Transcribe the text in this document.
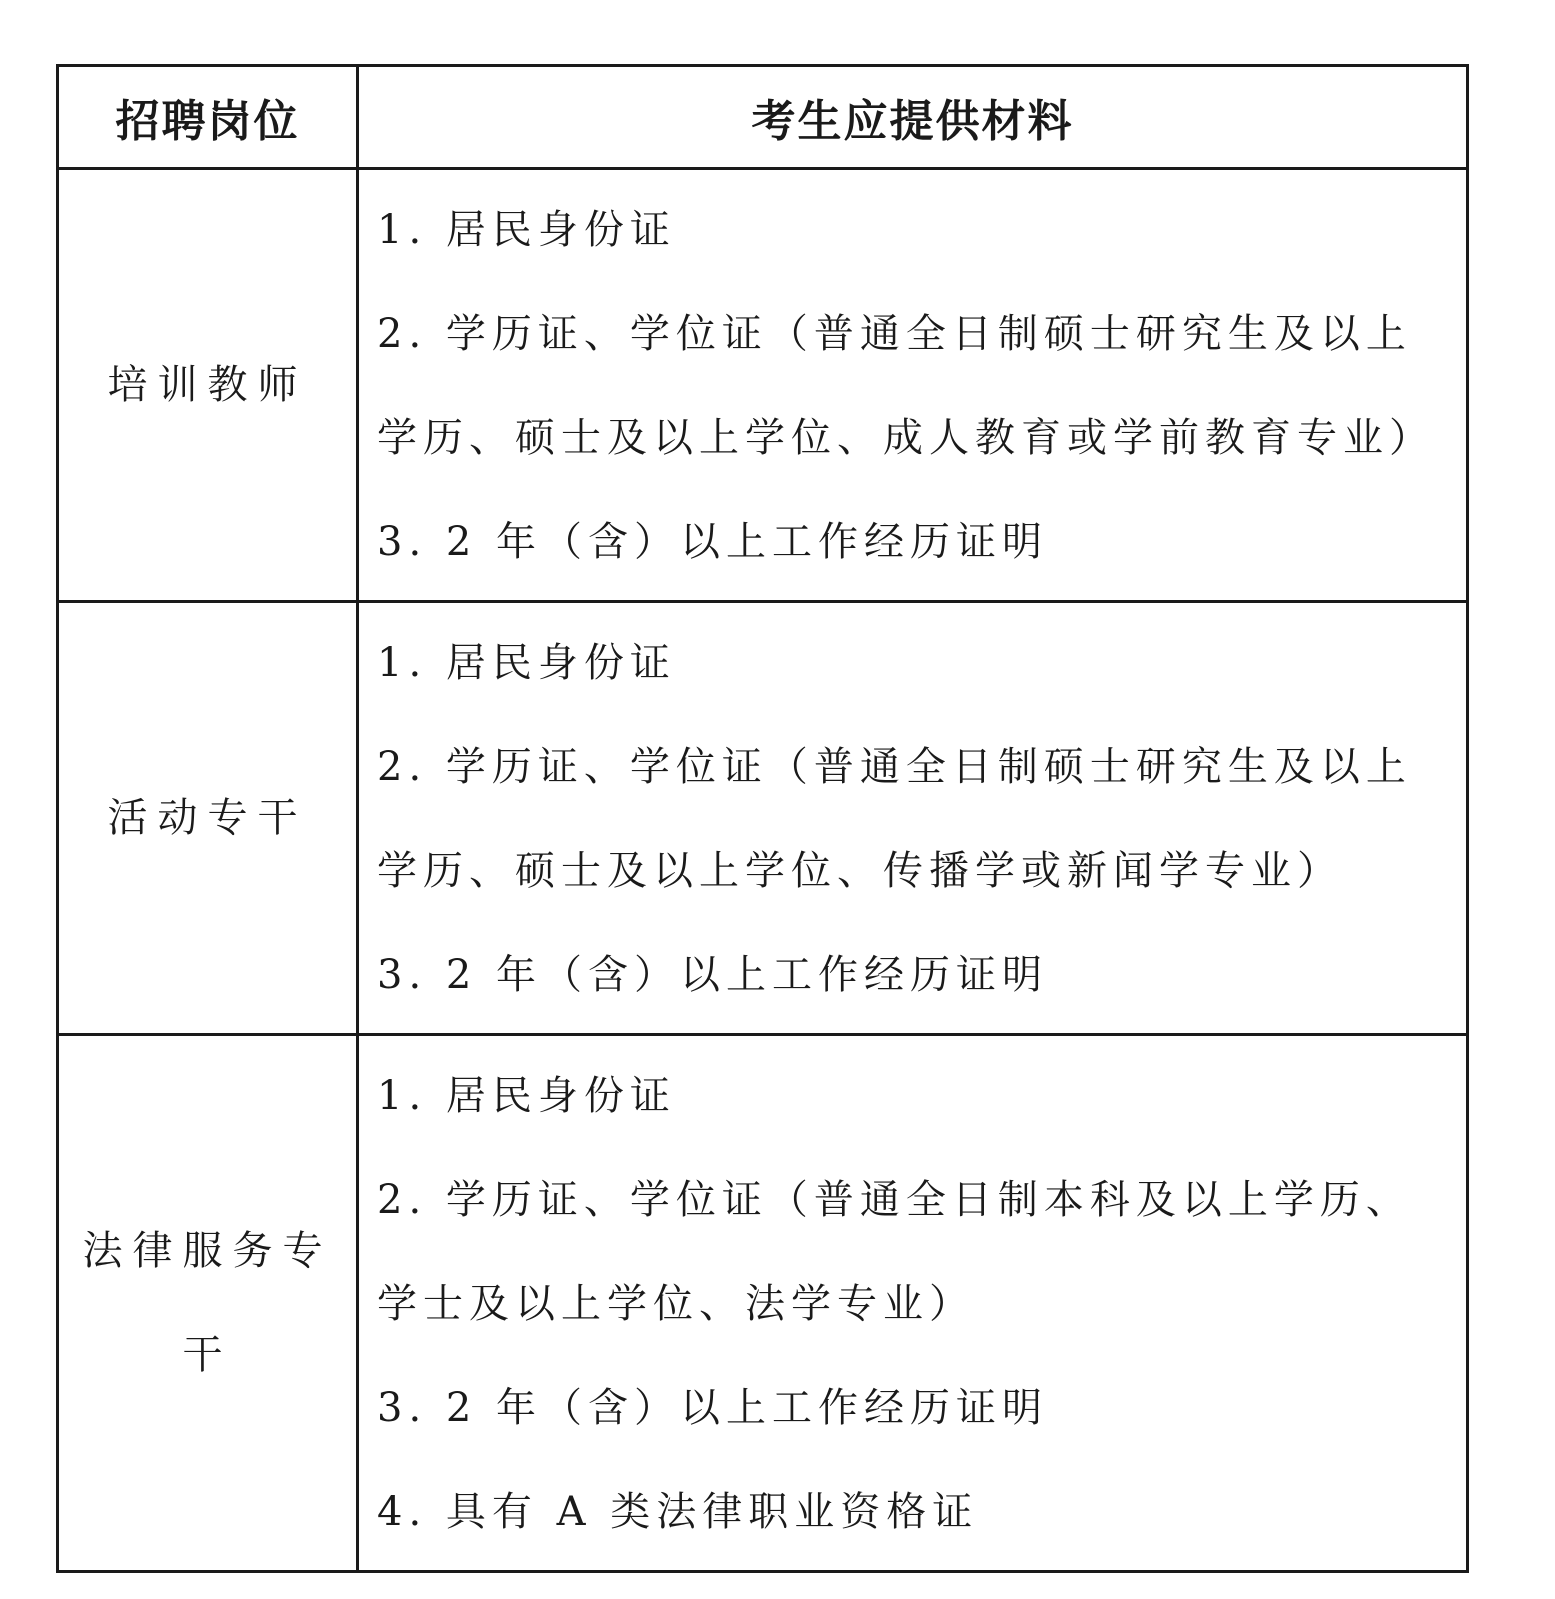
招聘岗位	考生应提供材料
培训教师	1. 居民身份证

2. 学历证、学位证（普通全日制硕士研究生及以上学历、硕士及以上学位、成人教育或学前教育专业）

3. 2 年（含）以上工作经历证明

活动专干	1. 居民身份证

2. 学历证、学位证（普通全日制硕士研究生及以上学历、硕士及以上学位、传播学或新闻学专业）

3. 2 年（含）以上工作经历证明

法律服务专干	1. 居民身份证

2. 学历证、学位证（普通全日制本科及以上学历、学士及以上学位、法学专业）

3. 2 年（含）以上工作经历证明

4. 具有 A 类法律职业资格证
